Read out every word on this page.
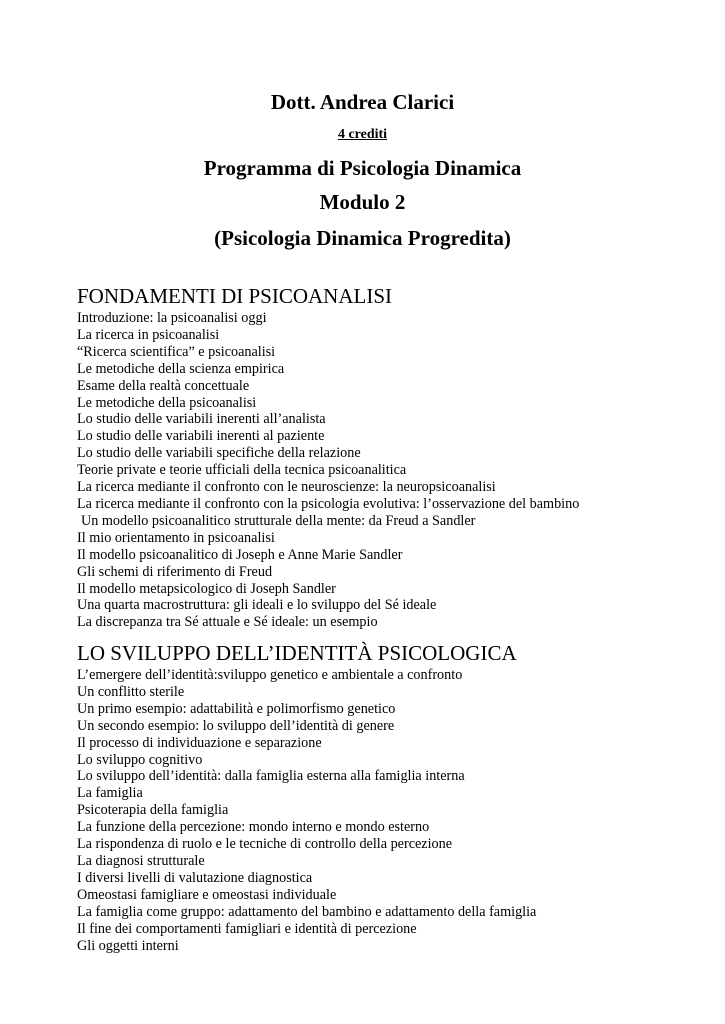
Dott. Andrea Clarici
4 crediti
Programma di Psicologia Dinamica
Modulo 2
(Psicologia Dinamica Progredita)
FONDAMENTI DI PSICOANALISI
Introduzione: la psicoanalisi oggi
La ricerca in psicoanalisi
“Ricerca scientifica” e psicoanalisi
Le metodiche della scienza empirica
Esame della realtà concettuale
Le metodiche della psicoanalisi
Lo studio delle variabili inerenti all’analista
Lo studio delle variabili inerenti al paziente
Lo studio delle variabili specifiche della relazione
Teorie private e teorie ufficiali della tecnica psicoanalitica
La ricerca mediante il confronto con le neuroscienze: la neuropsicoanalisi
La ricerca mediante il confronto con la psicologia evolutiva: l’osservazione del bambino
Un modello psicoanalitico strutturale della mente: da Freud a Sandler
Il mio orientamento in psicoanalisi
Il modello psicoanalitico di Joseph e Anne Marie Sandler
Gli schemi di riferimento di Freud
Il modello metapsicologico di Joseph Sandler
Una quarta macrostruttura: gli ideali e lo sviluppo del Sé ideale
La discrepanza tra Sé attuale e Sé ideale: un esempio
LO SVILUPPO DELL’IDENTITÀ PSICOLOGICA
L’emergere dell’identità:sviluppo genetico e ambientale a confronto
Un conflitto sterile
Un primo esempio: adattabilità e polimorfismo genetico
Un secondo esempio: lo sviluppo dell’identità di genere
Il processo di individuazione e separazione
Lo sviluppo cognitivo
Lo sviluppo dell’identità: dalla famiglia esterna alla famiglia interna
La famiglia
Psicoterapia della famiglia
La funzione della percezione: mondo interno e mondo esterno
La rispondenza di ruolo e le tecniche di controllo della percezione
La diagnosi strutturale
I diversi livelli di valutazione diagnostica
Omeostasi famigliare e omeostasi individuale
La famiglia come gruppo: adattamento del bambino e adattamento della famiglia
Il fine dei comportamenti famigliari e identità di percezione
Gli oggetti interni
